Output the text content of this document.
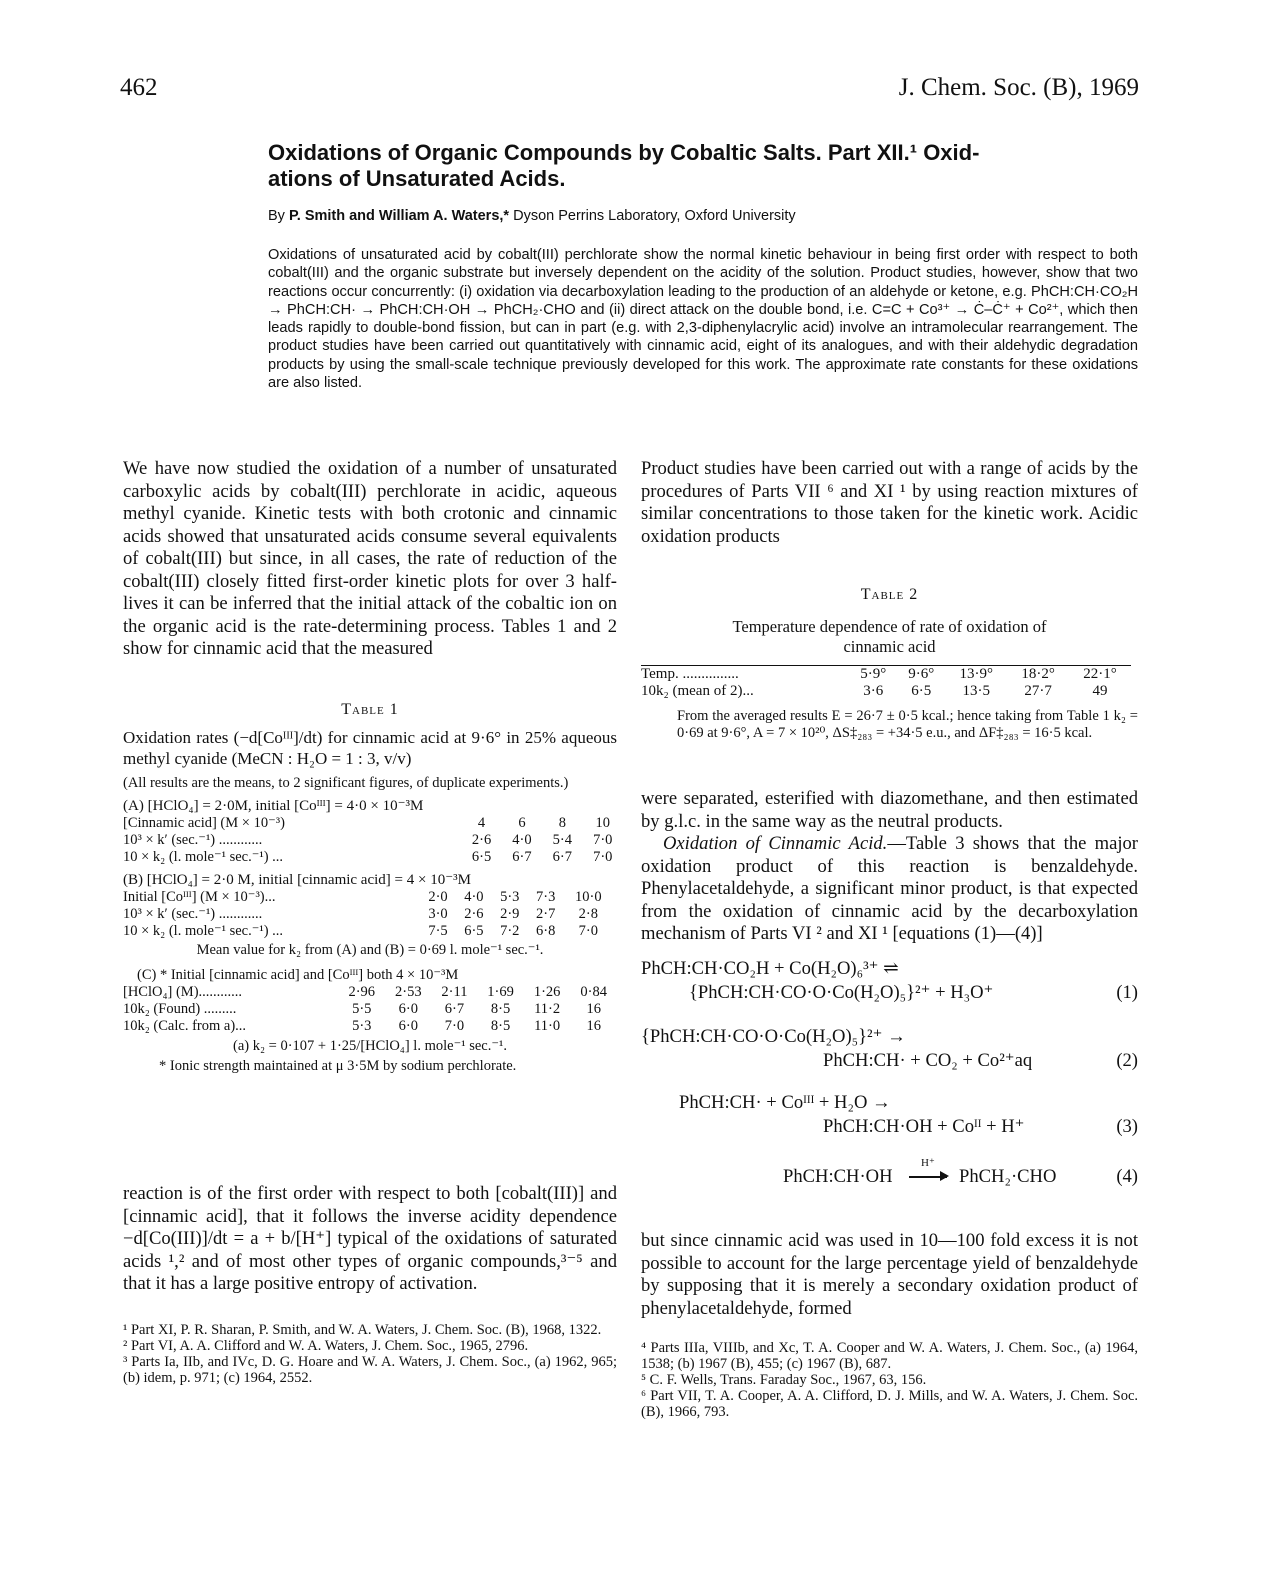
462	J. Chem. Soc. (B), 1969
Oxidations of Organic Compounds by Cobaltic Salts. Part XII.¹ Oxid-
ations of Unsaturated Acids.
By P. Smith and William A. Waters,* Dyson Perrins Laboratory, Oxford University

Oxidations of unsaturated acid by cobalt(III) perchlorate show the normal kinetic behaviour in being first order with respect to both cobalt(III) and the organic substrate but inversely dependent on the acidity of the solution. Product studies, however, show that two reactions occur concurrently: (i) oxidation via decarboxylation leading to the production of an aldehyde or ketone, e.g. PhCH:CH·CO₂H → PhCH:CH· → PhCH:CH·OH → PhCH₂·CHO and (ii) direct attack on the double bond, i.e. C=C + Co³⁺ → Ċ–Ċ⁺ + Co²⁺, which then leads rapidly to double-bond fission, but can in part (e.g. with 2,3-diphenylacrylic acid) involve an intramolecular rearrangement. The product studies have been carried out quantitatively with cinnamic acid, eight of its analogues, and with their aldehydic degradation products by using the small-scale technique previously developed for this work. The approximate rate constants for these oxidations are also listed.

We have now studied the oxidation of a number of unsaturated carboxylic acids by cobalt(III) perchlorate in acidic, aqueous methyl cyanide. Kinetic tests with both crotonic and cinnamic acids showed that unsaturated acids consume several equivalents of cobalt(III) but since, in all cases, the rate of reduction of the cobalt(III) closely fitted first-order kinetic plots for over 3 half-lives it can be inferred that the initial attack of the cobaltic ion on the organic acid is the rate-determining process. Tables 1 and 2 show for cinnamic acid that the measured

Table 1
Oxidation rates (−d[Coᴵᴵᴵ]/dt) for cinnamic acid at 9·6° in 25% aqueous methyl cyanide (MeCN : H₂O = 1 : 3, v/v)
(All results are the means, to 2 significant figures, of duplicate experiments.)
(A) [HClO₄] = 2·0M, initial [Coᴵᴵᴵ] = 4·0 × 10⁻³M
[Cinnamic acid] (M × 10⁻³)	4	6	8	10
10³ × k′ (sec.⁻¹) ............	2·6	4·0	5·4	7·0
10 × k₂ (l. mole⁻¹ sec.⁻¹) ...	6·5	6·7	6·7	7·0
(B) [HClO₄] = 2·0 M, initial [cinnamic acid] = 4 × 10⁻³M
Initial [Coᴵᴵᴵ] (M × 10⁻³)...	2·0	4·0	5·3	7·3	10·0
10³ × k′ (sec.⁻¹) ............	3·0	2·6	2·9	2·7	2·8
10 × k₂ (l. mole⁻¹ sec.⁻¹) ...	7·5	6·5	7·2	6·8	7·0
Mean value for k₂ from (A) and (B) = 0·69 l. mole⁻¹ sec.⁻¹.
(C) * Initial [cinnamic acid] and [Coᴵᴵᴵ] both 4 × 10⁻³M
[HClO₄] (M)............	2·96	2·53	2·11	1·69	1·26	0·84
10k₂ (Found) .........	5·5	6·0	6·7	8·5	11·2	16
10k₂ (Calc. from a)...	5·3	6·0	7·0	8·5	11·0	16
(a) k₂ = 0·107 + 1·25/[HClO₄] l. mole⁻¹ sec.⁻¹.
* Ionic strength maintained at μ 3·5M by sodium perchlorate.

reaction is of the first order with respect to both [cobalt(III)] and [cinnamic acid], that it follows the inverse acidity dependence −d[Co(III)]/dt = a + b/[H⁺] typical of the oxidations of saturated acids ¹,² and of most other types of organic compounds,³⁻⁵ and that it has a large positive entropy of activation.

¹ Part XI, P. R. Sharan, P. Smith, and W. A. Waters, J. Chem. Soc. (B), 1968, 1322.

² Part VI, A. A. Clifford and W. A. Waters, J. Chem. Soc., 1965, 2796.

³ Parts Ia, IIb, and IVc, D. G. Hoare and W. A. Waters, J. Chem. Soc., (a) 1962, 965; (b) idem, p. 971; (c) 1964, 2552.

Product studies have been carried out with a range of acids by the procedures of Parts VII ⁶ and XI ¹ by using reaction mixtures of similar concentrations to those taken for the kinetic work. Acidic oxidation products

Table 2
Temperature dependence of rate of oxidation of
cinnamic acid
Temp. ...............	5·9°	9·6°	13·9°	18·2°	22·1°
10k₂ (mean of 2)...	3·6	6·5	13·5	27·7	49
From the averaged results E = 26·7 ± 0·5 kcal.; hence taking from Table 1 k₂ = 0·69 at 9·6°, A = 7 × 10²⁰, ΔS‡₂₈₃ = +34·5 e.u., and ΔF‡₂₈₃ = 16·5 kcal.

were separated, esterified with diazomethane, and then estimated by g.l.c. in the same way as the neutral products.

Oxidation of Cinnamic Acid.—Table 3 shows that the major oxidation product of this reaction is benzaldehyde. Phenylacetaldehyde, a significant minor product, is that expected from the oxidation of cinnamic acid by the decarboxylation mechanism of Parts VI ² and XI ¹ [equations (1)—(4)]

PhCH:CH·CO₂H + Co(H₂O)₆³⁺ ⇌
{PhCH:CH·CO·O·Co(H₂O)₅}²⁺ + H₃O⁺	(1)
{PhCH:CH·CO·O·Co(H₂O)₅}²⁺ →
PhCH:CH· + CO₂ + Co²⁺aq	(2)
PhCH:CH· + Coᴵᴵᴵ + H₂O →
PhCH:CH·OH + Coᴵᴵ + H⁺	(3)
PhCH:CH·OH
H⁺
PhCH₂·CHO	(4)

but since cinnamic acid was used in 10—100 fold excess it is not possible to account for the large percentage yield of benzaldehyde by supposing that it is merely a secondary oxidation product of phenylacetaldehyde, formed

⁴ Parts IIIa, VIIIb, and Xc, T. A. Cooper and W. A. Waters, J. Chem. Soc., (a) 1964, 1538; (b) 1967 (B), 455; (c) 1967 (B), 687.

⁵ C. F. Wells, Trans. Faraday Soc., 1967, 63, 156.

⁶ Part VII, T. A. Cooper, A. A. Clifford, D. J. Mills, and W. A. Waters, J. Chem. Soc. (B), 1966, 793.
